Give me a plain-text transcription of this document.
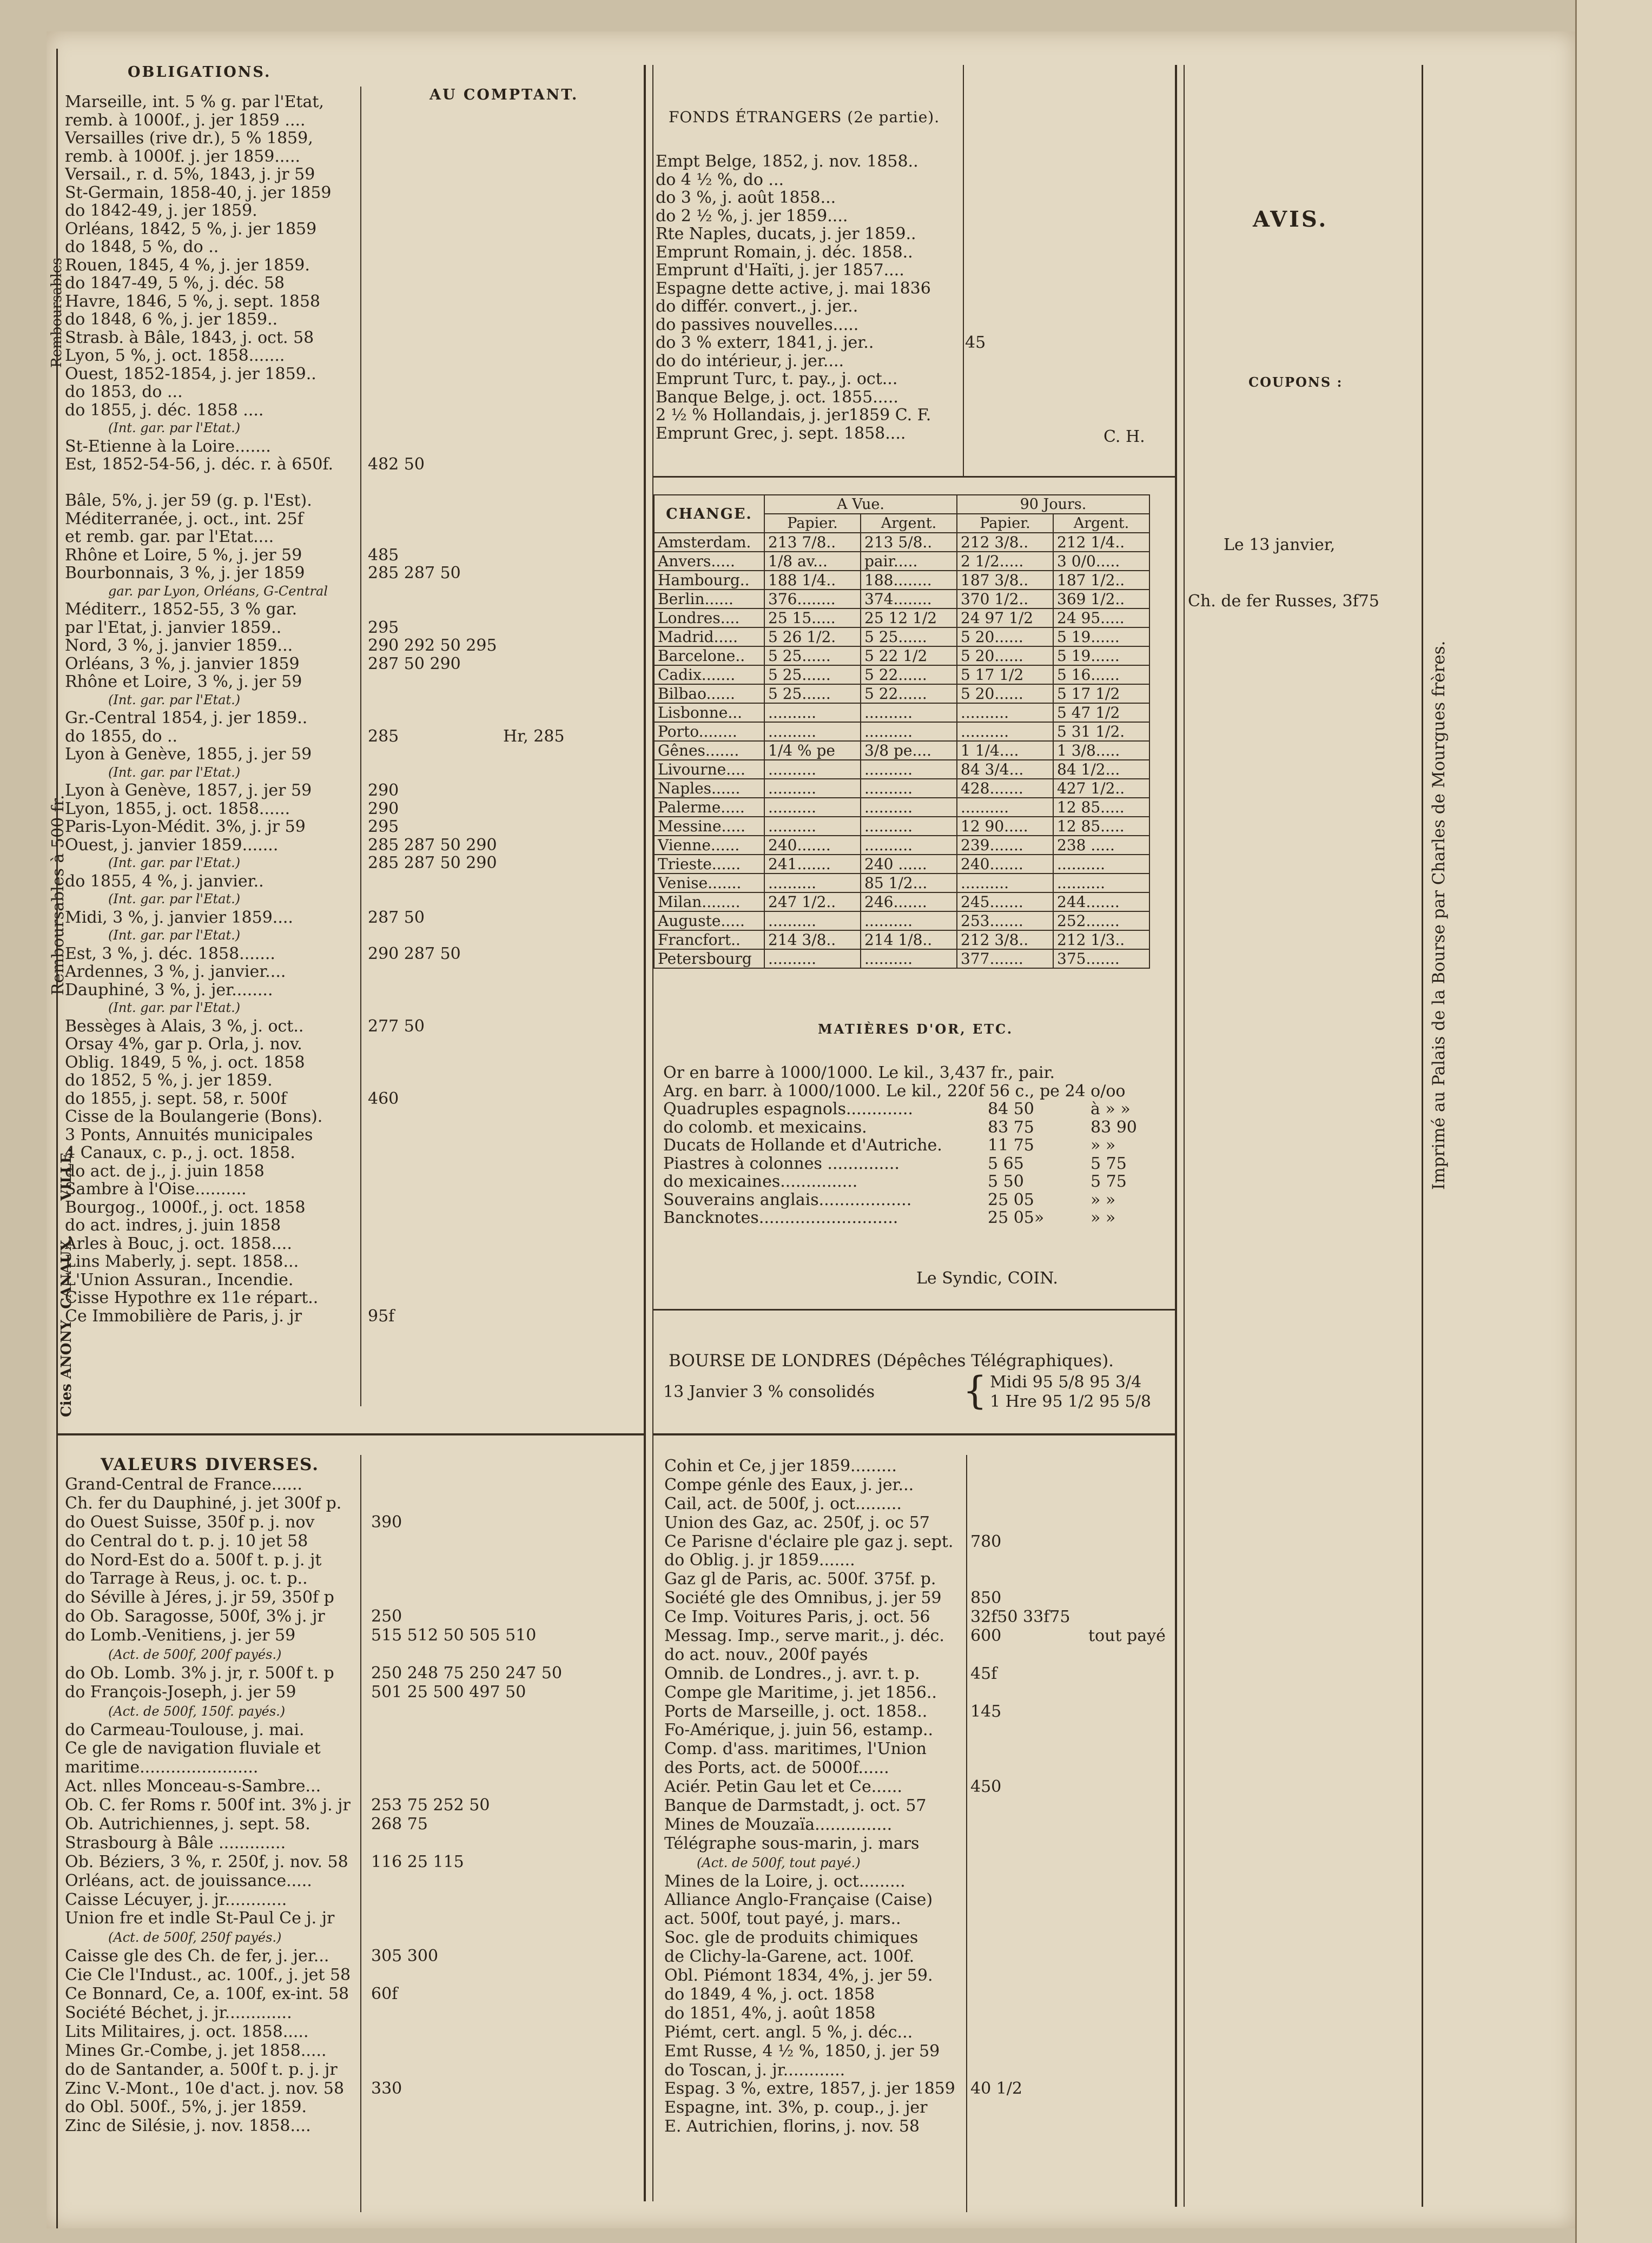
OBLIGATIONS.
AU COMPTANT.
Remboursables
Remboursables à 500 fr.
VILLE.
CANAUX.
Cies ANONY
Marseille, int. 5 % g. par l'Etat,
remb. à 1000f., j. jer 1859 ....
Versailles (rive dr.), 5 % 1859,
remb. à 1000f. j. jer 1859.....
Versail., r. d. 5%, 1843, j. jr 59
St-Germain, 1858-40, j. jer 1859
do 1842-49, j. jer 1859.
Orléans, 1842, 5 %, j. jer 1859
do 1848, 5 %, do ..
Rouen, 1845, 4 %, j. jer 1859.
do 1847-49, 5 %, j. déc. 58
Havre, 1846, 5 %, j. sept. 1858
do 1848, 6 %, j. jer 1859..
Strasb. à Bâle, 1843, j. oct. 58
Lyon, 5 %, j. oct. 1858.......
Ouest, 1852-1854, j. jer 1859..
do 1853, do ...
do 1855, j. déc. 1858 ....
(Int. gar. par l'Etat.)
St-Etienne à la Loire.......
Est, 1852-54-56, j. déc. r. à 650f.	482 50
Bâle, 5%, j. jer 59 (g. p. l'Est).
Méditerranée, j. oct., int. 25f
et remb. gar. par l'Etat....
Rhône et Loire, 5 %, j. jer 59	485
Bourbonnais, 3 %, j. jer 1859	285 287 50
gar. par Lyon, Orléans, G-Central
Méditerr., 1852-55, 3 % gar.
par l'Etat, j. janvier 1859..	295
Nord, 3 %, j. janvier 1859...	290 292 50 295
Orléans, 3 %, j. janvier 1859	287 50 290
Rhône et Loire, 3 %, j. jer 59
(Int. gar. par l'Etat.)
Gr.-Central 1854, j. jer 1859..
do 1855, do ..	285	Hr, 285
Lyon à Genève, 1855, j. jer 59
(Int. gar. par l'Etat.)
Lyon à Genève, 1857, j. jer 59	290
Lyon, 1855, j. oct. 1858......	290
Paris-Lyon-Médit. 3%, j. jr 59	295
Ouest, j. janvier 1859.......	285 287 50 290
(Int. gar. par l'Etat.)	285 287 50 290
do 1855, 4 %, j. janvier..
(Int. gar. par l'Etat.)
Midi, 3 %, j. janvier 1859....	287 50
(Int. gar. par l'Etat.)
Est, 3 %, j. déc. 1858.......	290 287 50
Ardennes, 3 %, j. janvier....
Dauphiné, 3 %, j. jer........
(Int. gar. par l'Etat.)
Bessèges à Alais, 3 %, j. oct..	277 50
Orsay 4%, gar p. Orla, j. nov.
Oblig. 1849, 5 %, j. oct. 1858
do 1852, 5 %, j. jer 1859.
do 1855, j. sept. 58, r. 500f	460
Cisse de la Boulangerie (Bons).
3 Ponts, Annuités municipales
4 Canaux, c. p., j. oct. 1858.
do act. de j., j. juin 1858
Sambre à l'Oise..........
Bourgog., 1000f., j. oct. 1858
do act. indres, j. juin 1858
Arles à Bouc, j. oct. 1858....
Lins Maberly, j. sept. 1858...
L'Union Assuran., Incendie.
Cisse Hypothre ex 11e répart..
Ce Immobilière de Paris, j. jr	95f
FONDS ÉTRANGERS (2e partie).
Empt Belge, 1852, j. nov. 1858..
do 4 ½ %, do ...
do 3 %, j. août 1858...
do 2 ½ %, j. jer 1859....
Rte Naples, ducats, j. jer 1859..
Emprunt Romain, j. déc. 1858..
Emprunt d'Haïti, j. jer 1857....
Espagne dette active, j. mai 1836
do différ. convert., j. jer..
do passives nouvelles.....
do 3 % exterr, 1841, j. jer..	45
do do intérieur, j. jer....
Emprunt Turc, t. pay., j. oct...
Banque Belge, j. oct. 1855.....
2 ½ % Hollandais, j. jer1859 C. F.
Emprunt Grec, j. sept. 1858....	C. H.
CHANGE.	A Vue.		90 Jours.	
	Papier.	Argent.	Papier.	Argent.
Amsterdam.	213 7/8..	213 5/8..	212 3/8..	212 1/4..
Anvers.....	1/8 av...	pair.....	2 1/2.....	3 0/0.....
Hambourg..	188 1/4..	188........	187 3/8..	187 1/2..
Berlin......	376........	374........	370 1/2..	369 1/2..
Londres....	25 15.....	25 12 1/2	24 97 1/2	24 95.....
Madrid.....	5 26 1/2.	5 25......	5 20......	5 19......
Barcelone..	5 25......	5 22 1/2	5 20......	5 19......
Cadix.......	5 25......	5 22......	5 17 1/2	5 16......
Bilbao......	5 25......	5 22......	5 20......	5 17 1/2
Lisbonne...	..........	..........	..........	5 47 1/2
Porto........	..........	..........	..........	5 31 1/2.
Gênes.......	1/4 % pe	3/8 pe....	1 1/4....	1 3/8.....
Livourne....	..........	..........	84 3/4...	84 1/2...
Naples......	..........	..........	428.......	427 1/2..
Palerme.....	..........	..........	..........	12 85.....
Messine.....	..........	..........	12 90.....	12 85.....
Vienne......	240.......	..........	239.......	238 .....
Trieste......	241.......	240 ......	240.......	..........
Venise.......	..........	85 1/2...	..........	..........
Milan........	247 1/2..	246.......	245.......	244.......
Auguste.....	..........	..........	253.......	252.......
Francfort..	214 3/8..	214 1/8..	212 3/8..	212 1/3..
Petersbourg	..........	..........	377.......	375.......
MATIÈRES D'OR, ETC.
Or en barre à 1000/1000. Le kil., 3,437 fr., pair.
Arg. en barr. à 1000/1000. Le kil., 220f 56 c., pe 24 o/oo
Quadruples espagnols.............	84 50	à » »
do colomb. et mexicains.	83 75	83 90
Ducats de Hollande et d'Autriche.	11 75	» »
Piastres à colonnes ..............	5 65	5 75
do mexicaines...............	5 50	5 75
Souverains anglais..................	25 05	» »
Bancknotes...........................	25 05»	» »
Le Syndic, COIN.
BOURSE DE LONDRES (Dépêches Télégraphiques).
13 Janvier 3 % consolidés { Midi 95 5/8 95 3/4
1 Hre 95 1/2 95 5/8
AVIS.
COUPONS :
Le 13 janvier,
Ch. de fer Russes, 3f75
Imprimé au Palais de la Bourse par Charles de Mourgues frères.
VALEURS DIVERSES.
Grand-Central de France......
Ch. fer du Dauphiné, j. jet 300f p.
do Ouest Suisse, 350f p. j. nov	390
do Central do t. p. j. 10 jet 58
do Nord-Est do a. 500f t. p. j. jt
do Tarrage à Reus, j. oc. t. p..
do Séville à Jéres, j. jr 59, 350f p
do Ob. Saragosse, 500f, 3% j. jr	250
do Lomb.-Venitiens, j. jer 59	515 512 50 505 510
(Act. de 500f, 200f payés.)
do Ob. Lomb. 3% j. jr, r. 500f t. p	250 248 75 250 247 50
do François-Joseph, j. jer 59	501 25 500 497 50
(Act. de 500f, 150f. payés.)
do Carmeau-Toulouse, j. mai.
Ce gle de navigation fluviale et
maritime.......................
Act. nlles Monceau-s-Sambre...
Ob. C. fer Roms r. 500f int. 3% j. jr	253 75 252 50
Ob. Autrichiennes, j. sept. 58.	268 75
Strasbourg à Bâle .............
Ob. Béziers, 3 %, r. 250f, j. nov. 58	116 25 115
Orléans, act. de jouissance.....
Caisse Lécuyer, j. jr............
Union fre et indle St-Paul Ce j. jr
(Act. de 500f, 250f payés.)
Caisse gle des Ch. de fer, j. jer...	305 300
Cie Cle l'Indust., ac. 100f., j. jet 58
Ce Bonnard, Ce, a. 100f, ex-int. 58	60f
Société Béchet, j. jr.............
Lits Militaires, j. oct. 1858.....
Mines Gr.-Combe, j. jet 1858.....
do de Santander, a. 500f t. p. j. jr
Zinc V.-Mont., 10e d'act. j. nov. 58	330
do Obl. 500f., 5%, j. jer 1859.
Zinc de Silésie, j. nov. 1858....
Cohin et Ce, j jer 1859.........
Compe génle des Eaux, j. jer...
Cail, act. de 500f, j. oct.........
Union des Gaz, ac. 250f, j. oc 57
Ce Parisne d'éclaire ple gaz j. sept.	780
do Oblig. j. jr 1859.......
Gaz gl de Paris, ac. 500f. 375f. p.
Société gle des Omnibus, j. jer 59	850
Ce Imp. Voitures Paris, j. oct. 56	32f50 33f75
Messag. Imp., serve marit., j. déc.	600	tout payé
do act. nouv., 200f payés
Omnib. de Londres., j. avr. t. p.	45f
Compe gle Maritime, j. jet 1856..
Ports de Marseille, j. oct. 1858..	145
Fo-Amérique, j. juin 56, estamp..
Comp. d'ass. maritimes, l'Union
des Ports, act. de 5000f......
Aciér. Petin Gau let et Ce......	450
Banque de Darmstadt, j. oct. 57
Mines de Mouzaïa...............
Télégraphe sous-marin, j. mars
(Act. de 500f, tout payé.)
Mines de la Loire, j. oct.........
Alliance Anglo-Française (Caise)
act. 500f, tout payé, j. mars..
Soc. gle de produits chimiques
de Clichy-la-Garene, act. 100f.
Obl. Piémont 1834, 4%, j. jer 59.
do 1849, 4 %, j. oct. 1858
do 1851, 4%, j. août 1858
Piémt, cert. angl. 5 %, j. déc...
Emt Russe, 4 ½ %, 1850, j. jer 59
do Toscan, j. jr............
Espag. 3 %, extre, 1857, j. jer 1859 40 1/2
Espagne, int. 3%, p. coup., j. jer
E. Autrichien, florins, j. nov. 58
